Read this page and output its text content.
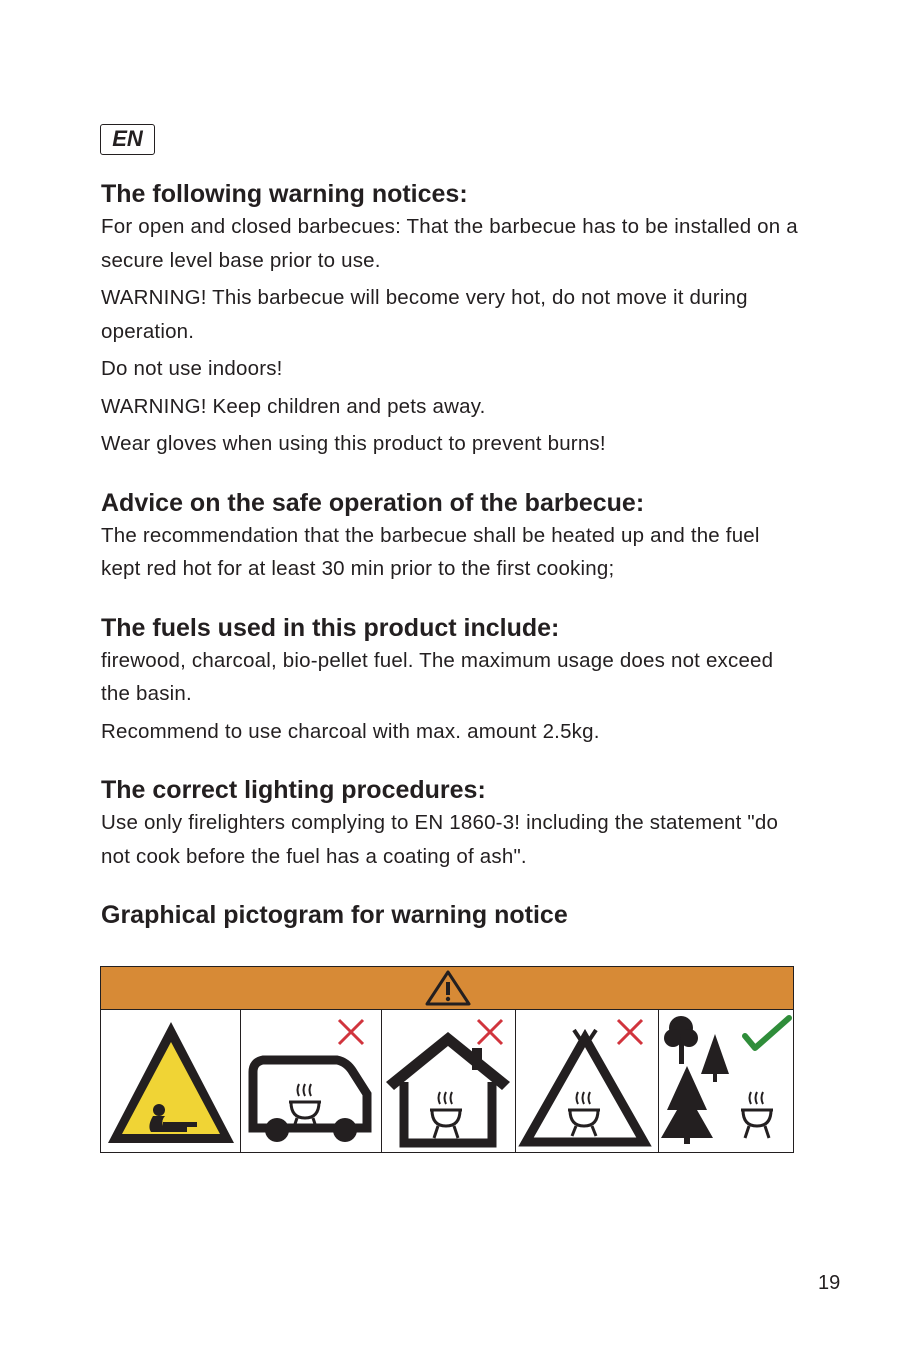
EN
The following warning notices:

For open and closed barbecues: That the barbecue has to be installed on a secure level base prior to use.

WARNING! This barbecue will become very hot, do not move it during operation.

Do not use indoors!

WARNING! Keep children and pets away.

Wear gloves when using this product to prevent burns!

Advice on the safe operation of the barbecue:

The recommendation that the barbecue shall be heated up and the fuel kept red hot for at least 30 min prior to the first cooking;

The fuels used in this product include:

firewood, charcoal, bio-pellet fuel. The maximum usage does not exceed the basin.

Recommend to use charcoal with max. amount 2.5kg.

The correct lighting procedures:

Use only firelighters complying to EN 1860-3! including the statement "do not cook before the fuel has a coating of ash".

Graphical pictogram for warning notice
19
